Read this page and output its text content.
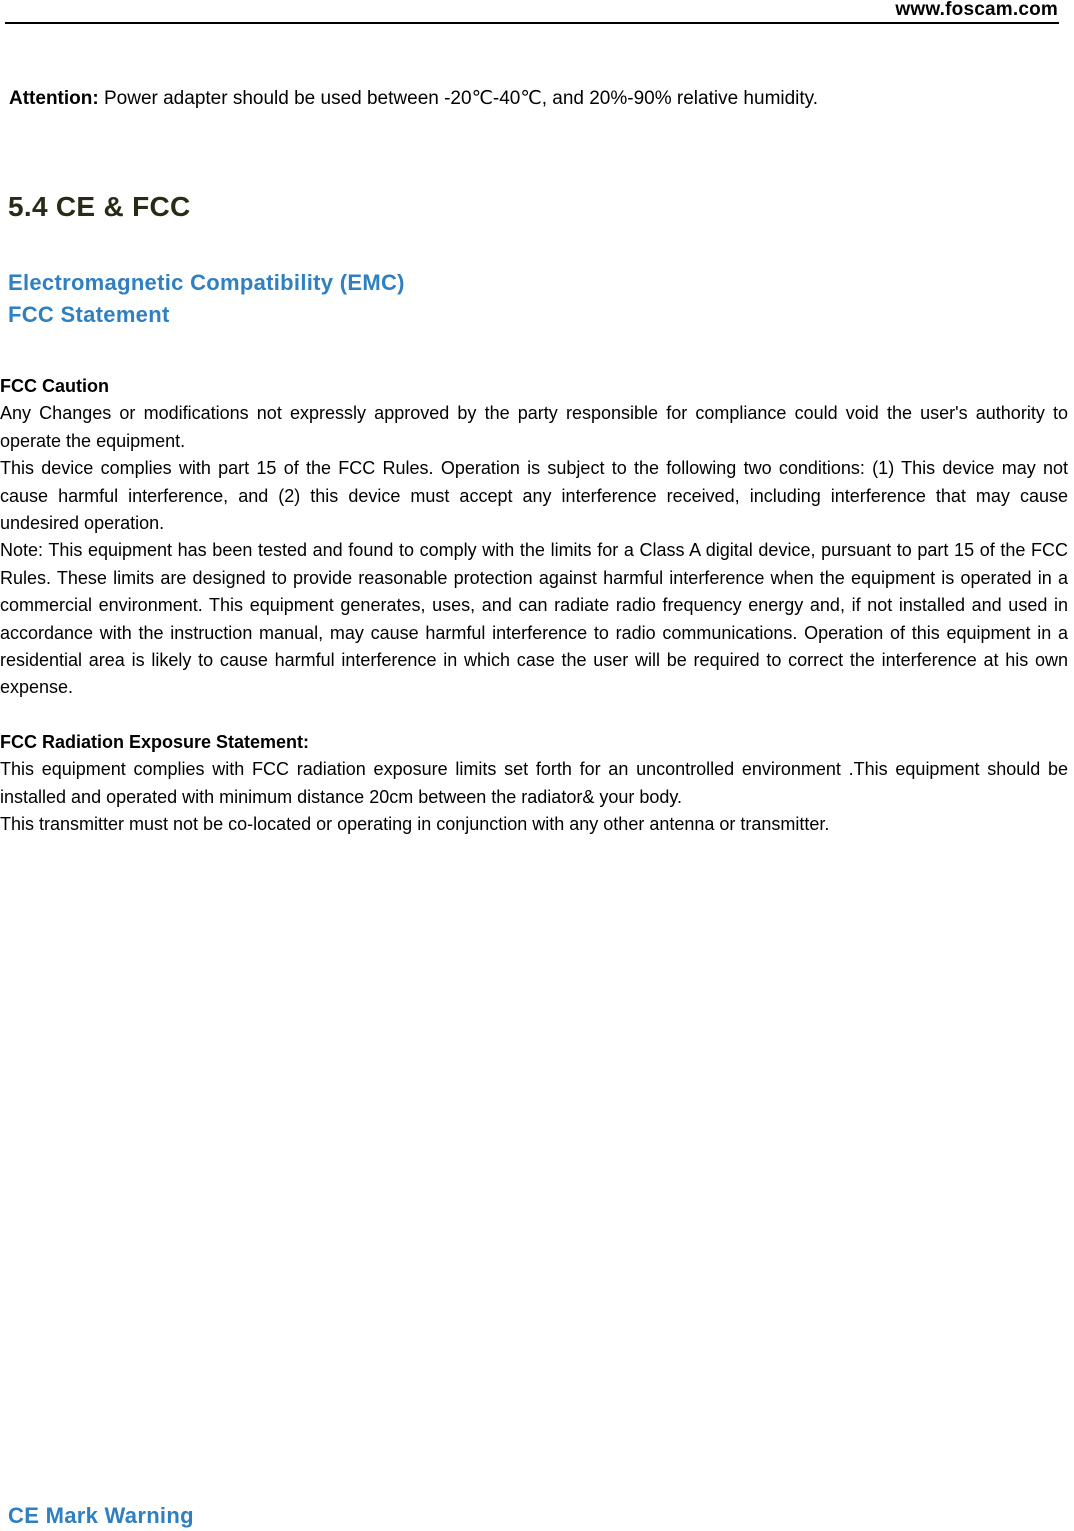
www.foscam.com
Attention: Power adapter should be used between -20℃-40℃, and 20%-90% relative humidity.
5.4 CE & FCC
Electromagnetic Compatibility (EMC)
FCC Statement

FCC Caution

Any Changes or modifications not expressly approved by the party responsible for compliance could void the user's authority to operate the equipment.

This device complies with part 15 of the FCC Rules. Operation is subject to the following two conditions: (1) This device may not cause harmful interference, and (2) this device must accept any interference received, including interference that may cause undesired operation.

Note: This equipment has been tested and found to comply with the limits for a Class A digital device, pursuant to part 15 of the FCC Rules. These limits are designed to provide reasonable protection against harmful interference when the equipment is operated in a commercial environment. This equipment generates, uses, and can radiate radio frequency energy and, if not installed and used in accordance with the instruction manual, may cause harmful interference to radio communications. Operation of this equipment in a residential area is likely to cause harmful interference in which case the user will be required to correct the interference at his own expense.

FCC Radiation Exposure Statement:

This equipment complies with FCC radiation exposure limits set forth for an uncontrolled environment .This equipment should be installed and operated with minimum distance 20cm between the radiator& your body.

This transmitter must not be co-located or operating in conjunction with any other antenna or transmitter.

CE Mark Warning
